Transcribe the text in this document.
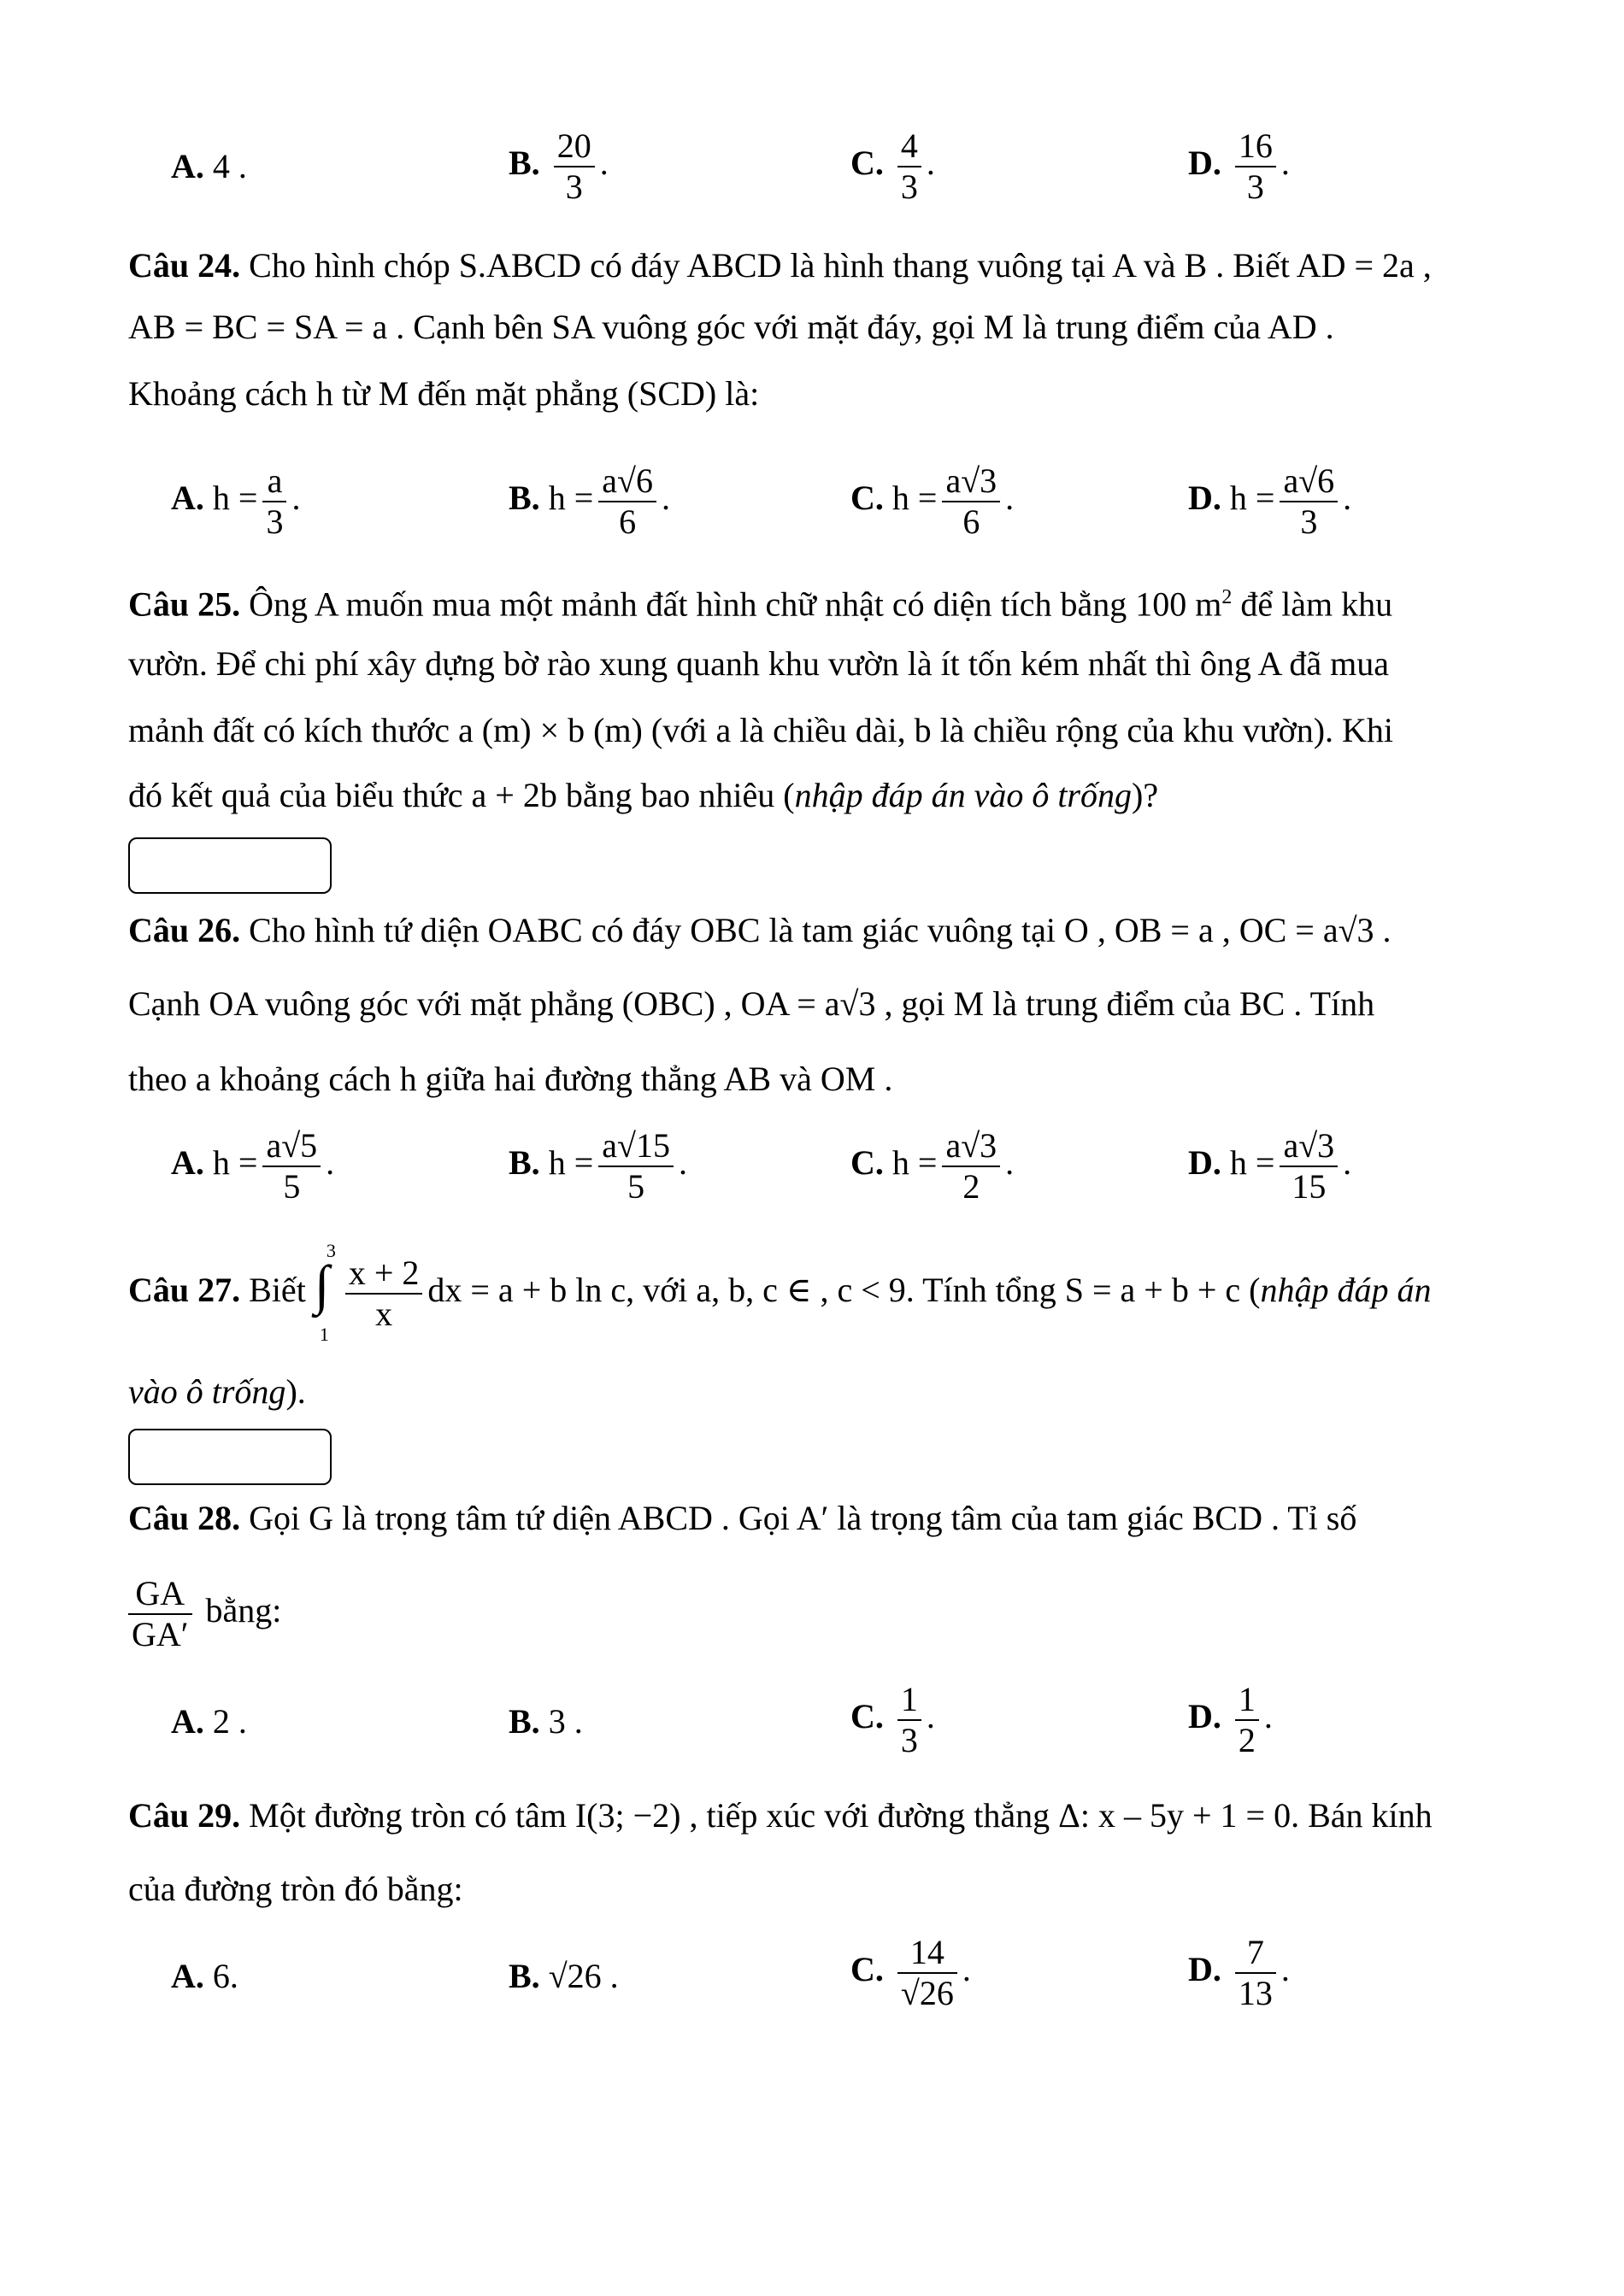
A. 4 .	B. $\frac{20}{3}$ .	C. $\frac{4}{3}$ .	D. $\frac{16}{3}$ .
Câu 24. Cho hình chóp S.ABCD có đáy ABCD là hình thang vuông tại A và B . Biết AD = 2a ,
AB = BC = SA = a . Cạnh bên SA vuông góc với mặt đáy, gọi M là trung điểm của AD .
Khoảng cách h từ M đến mặt phẳng (SCD) là:
A. $h = \frac{a}{3}$ .	B. $h = \frac{a√6}{6}$ .	C. $h = \frac{a√3}{6}$ .	D. $h = \frac{a√6}{3}$ .
Câu 25. Ông A muốn mua một mảnh đất hình chữ nhật có diện tích bằng 100 $m^2$ để làm khu
vườn. Để chi phí xây dựng bờ rào xung quanh khu vườn là ít tốn kém nhất thì ông A đã mua
mảnh đất có kích thước a (m) × b (m) (với a là chiều dài, b là chiều rộng của khu vườn). Khi
đó kết quả của biểu thức a + 2b bằng bao nhiêu (nhập đáp án vào ô trống)?
Câu 26. Cho hình tứ diện OABC có đáy OBC là tam giác vuông tại O , OB = a , OC = a√3 .
Cạnh OA vuông góc với mặt phẳng (OBC) , OA = a√3 , gọi M là trung điểm của BC . Tính
theo a khoảng cách h giữa hai đường thẳng AB và OM .
A. $h = \frac{a√5}{5}$ .	B. $h = \frac{a√15}{5}$ .	C. $h = \frac{a√3}{2}$ .	D. $h = \frac{a√3}{15}$ .
Câu 27. Biết ∫
3
1
$\frac{x + 2}{x}$ dx = a + b ln c, với a, b, c ∈ , c < 9. Tính tổng S = a + b + c (nhập đáp án
vào ô trống).
Câu 28. Gọi G là trọng tâm tứ diện ABCD . Gọi A′ là trọng tâm của tam giác BCD . Tỉ số
$\frac{GA}{GA'}$ bằng:
A. 2 .	B. 3 .	C. $\frac{1}{3}$ .	D. $\frac{1}{2}$ .
Câu 29. Một đường tròn có tâm I(3; −2) , tiếp xúc với đường thẳng Δ: x – 5y + 1 = 0. Bán kính
của đường tròn đó bằng:
A. 6.	B. √26 .	C. $\frac{14}{√26}$ .	D. $\frac{7}{13}$ .
